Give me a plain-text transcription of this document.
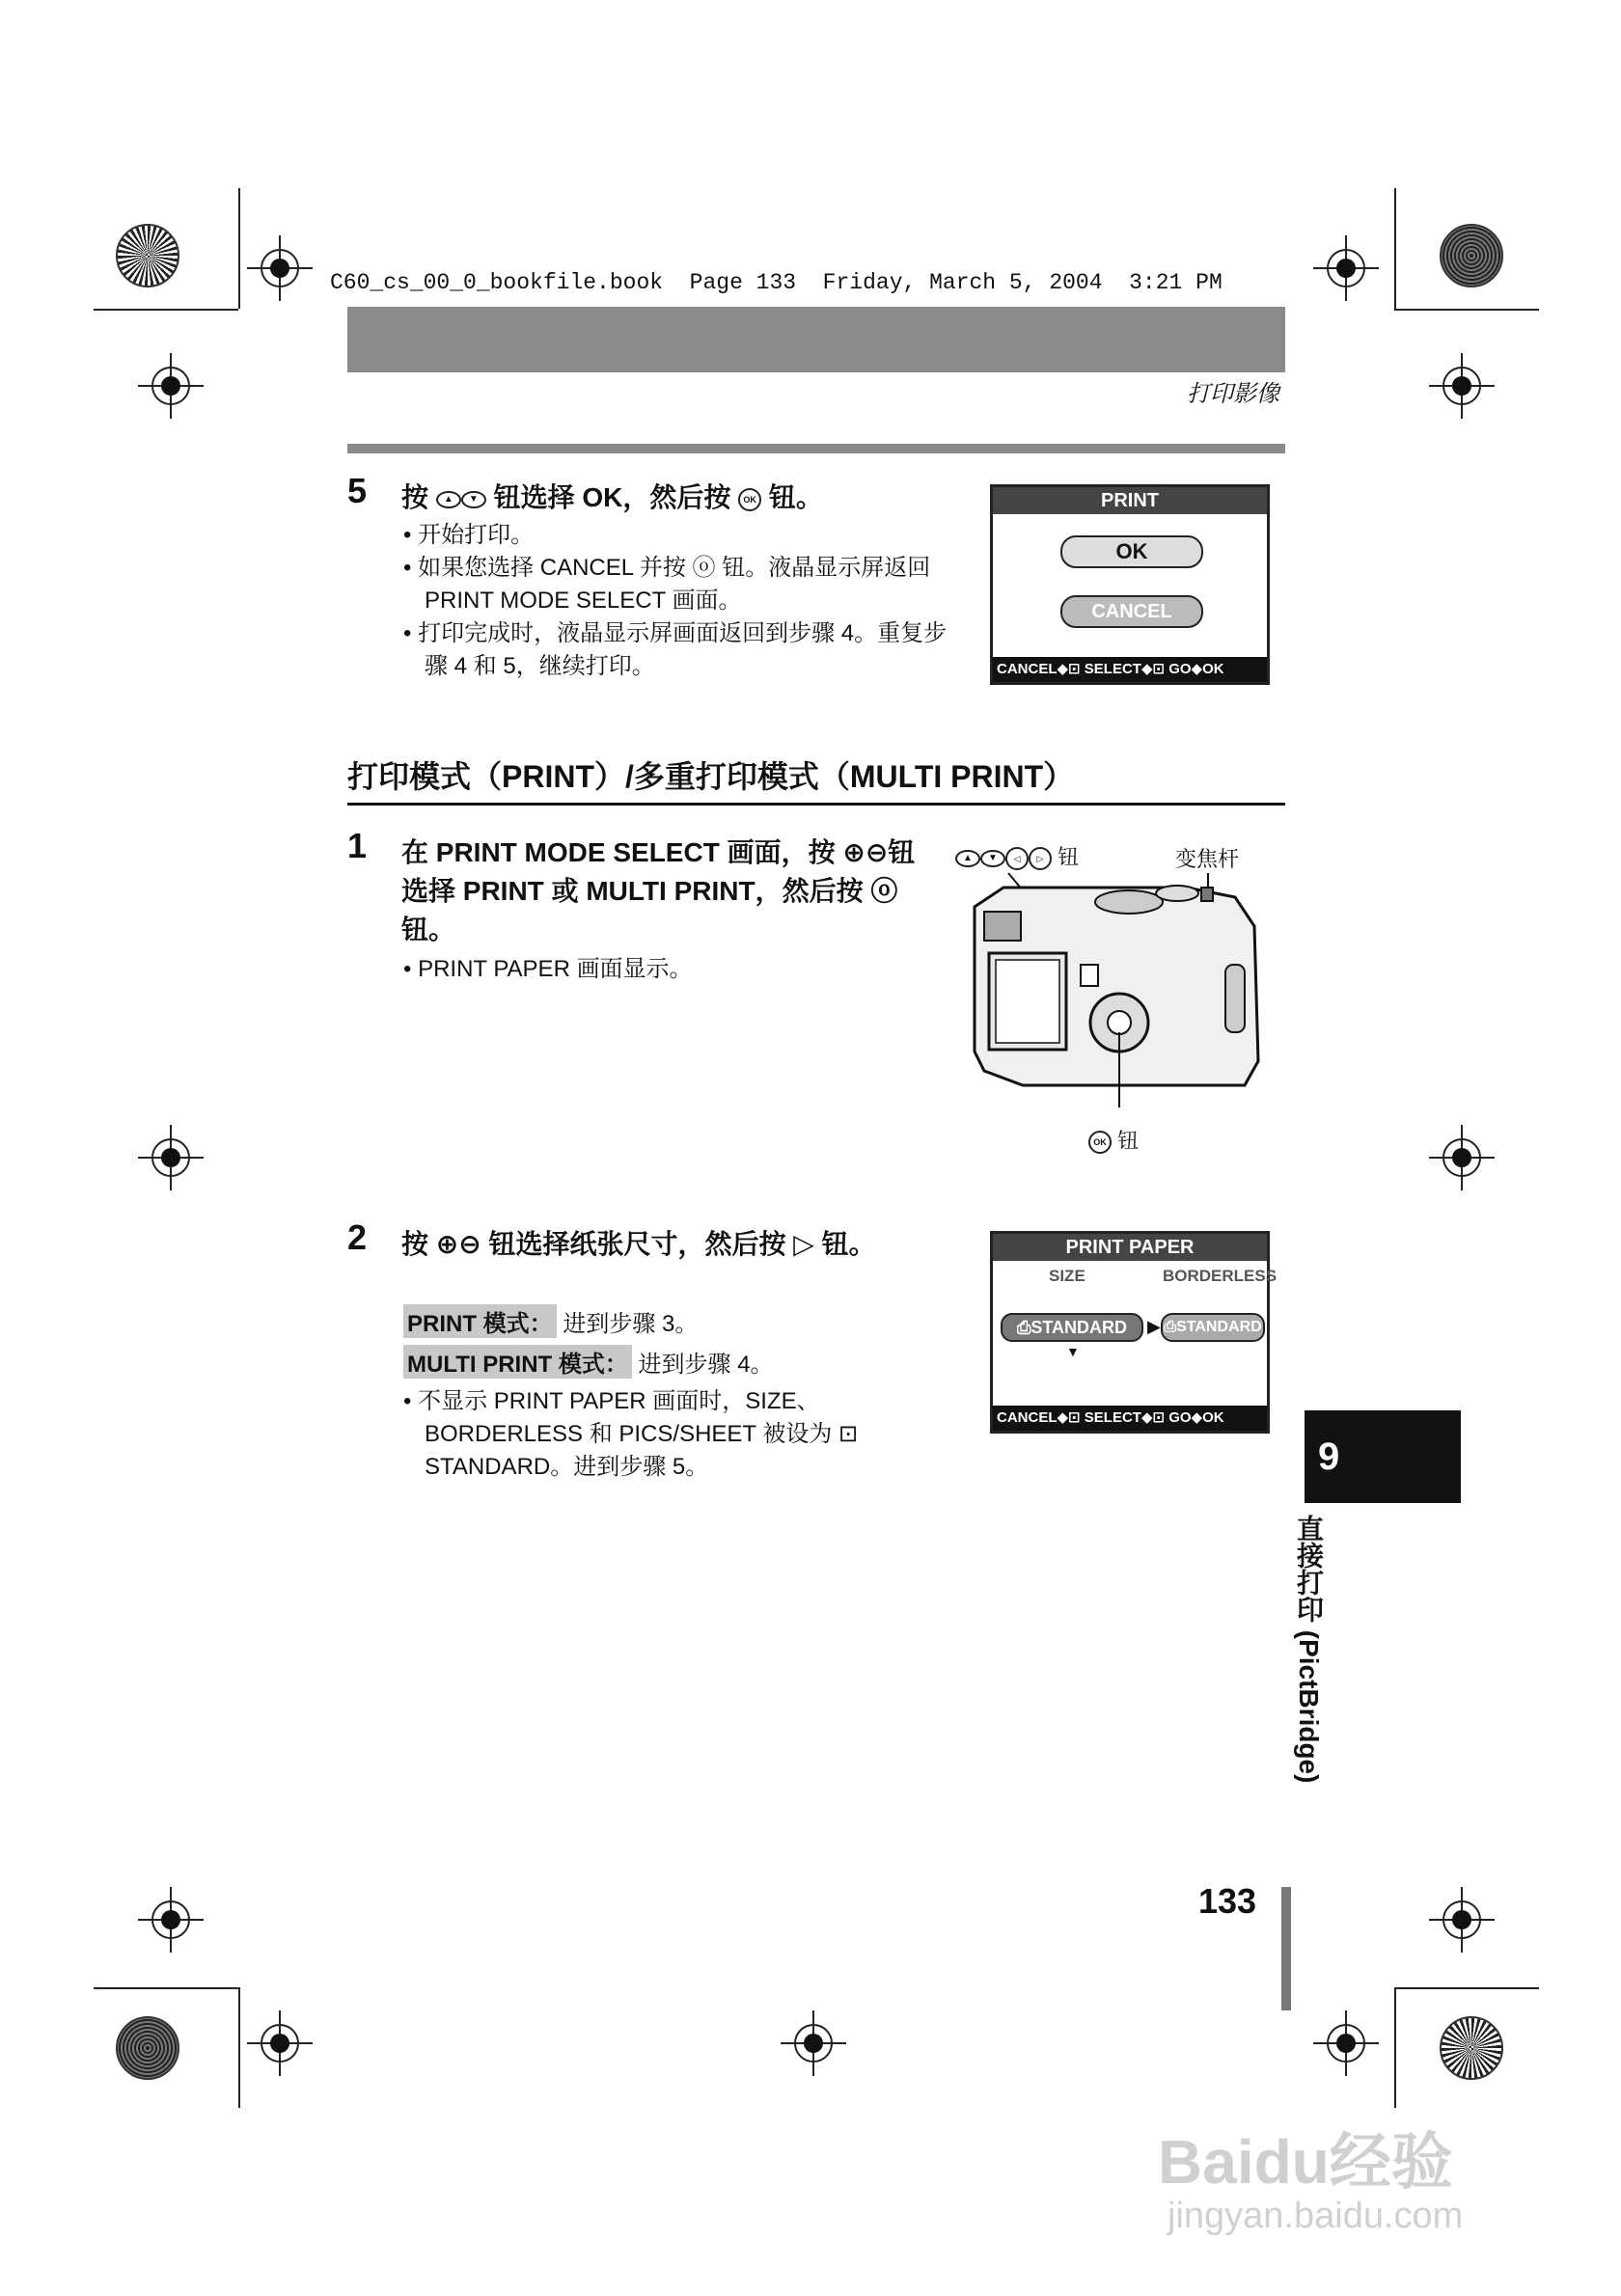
C60_cs_00_0_bookfile.book  Page 133  Friday, March 5, 2004  3:21 PM
打印影像
5 按 ▲ ▼ 钮选择 OK，然后按 OK 钮。
• 开始打印。
• 如果您选择 CANCEL 并按 ⓞ 钮。液晶显示屏返回 PRINT MODE SELECT 画面。
• 打印完成时，液晶显示屏画面返回到步骤 4。重复步骤 4 和 5，继续打印。
PRINT
OK
CANCEL
CANCEL◆⊡ SELECT◆⊡ GO◆OK
打印模式（PRINT）/多重打印模式（MULTI PRINT）
1 在 PRINT MODE SELECT 画面，按 ⊕⊖钮选择 PRINT 或 MULTI PRINT，然后按 ⓞ 钮。
• PRINT PAPER 画面显示。
▲ ▼ ◁ ▷ 钮	变焦杆
OK 钮
2 按 ⊕⊖ 钮选择纸张尺寸，然后按 ▷ 钮。
PRINT 模式： 进到步骤 3。
MULTI PRINT 模式： 进到步骤 4。
• 不显示 PRINT PAPER 画面时，SIZE、BORDERLESS 和 PICS/SHEET 被设为 ⊡ STANDARD。进到步骤 5。
PRINT PAPER
SIZE	BORDERLESS
⎙STANDARD	▶ ⎙STANDARD
▼
CANCEL◆⊡ SELECT◆⊡ GO◆OK
9
直接打印 (PictBridge)
133
Baidu经验
jingyan.baidu.com
